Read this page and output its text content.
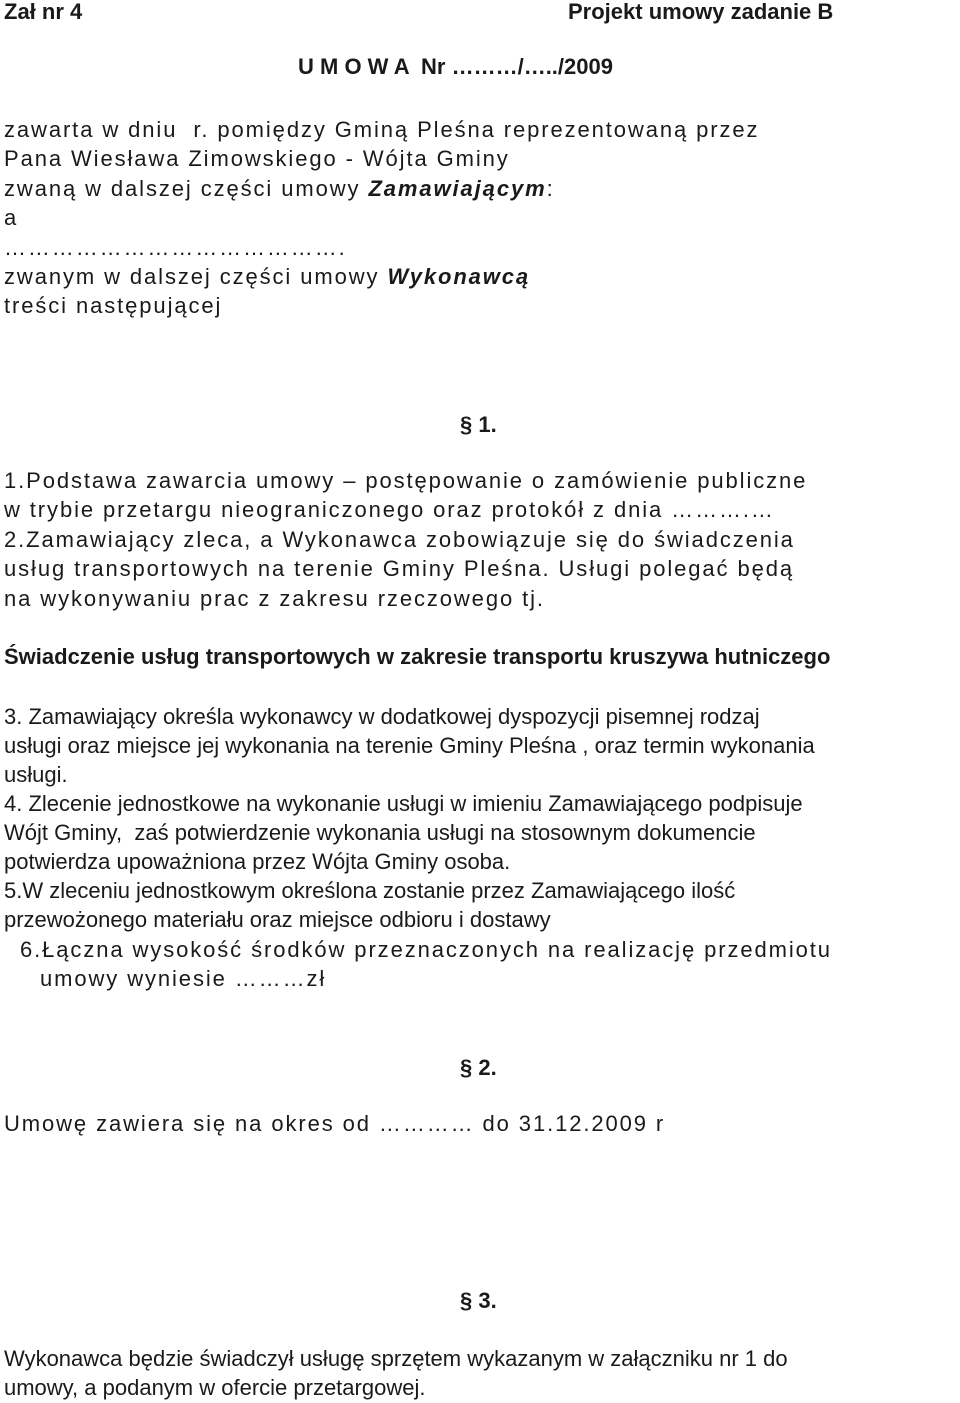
Zał nr 4	Projekt umowy zadanie B
U M O W A  Nr ………/…../2009
zawarta w dniu  r. pomiędzy Gminą Pleśna reprezentowaną przez
Pana Wiesława Zimowskiego - Wójta Gminy
zwaną w dalszej części umowy Zamawiającym:
a
…………………………………….
zwanym w dalszej części umowy Wykonawcą
treści następującej
§ 1.
1.Podstawa zawarcia umowy – postępowanie o zamówienie publiczne
w trybie przetargu nieograniczonego oraz protokół z dnia ……….…
2.Zamawiający zleca, a Wykonawca zobowiązuje się do świadczenia
usług transportowych na terenie Gminy Pleśna. Usługi polegać będą
na wykonywaniu prac z zakresu rzeczowego tj.
Świadczenie usług transportowych w zakresie transportu kruszywa hutniczego
3. Zamawiający określa wykonawcy w dodatkowej dyspozycji pisemnej rodzaj
usługi oraz miejsce jej wykonania na terenie Gminy Pleśna , oraz termin wykonania
usługi.
4. Zlecenie jednostkowe na wykonanie usługi w imieniu Zamawiającego podpisuje
Wójt Gminy,  zaś potwierdzenie wykonania usługi na stosownym dokumencie
potwierdza upoważniona przez Wójta Gminy osoba.
5.W zleceniu jednostkowym określona zostanie przez Zamawiającego ilość
przewożonego materiału oraz miejsce odbioru i dostawy
6.Łączna wysokość środków przeznaczonych na realizację przedmiotu
umowy wyniesie ………zł
§ 2.
Umowę zawiera się na okres od ………… do 31.12.2009 r
§ 3.
Wykonawca będzie świadczył usługę sprzętem wykazanym w załączniku nr 1 do
umowy, a podanym w ofercie przetargowej.
